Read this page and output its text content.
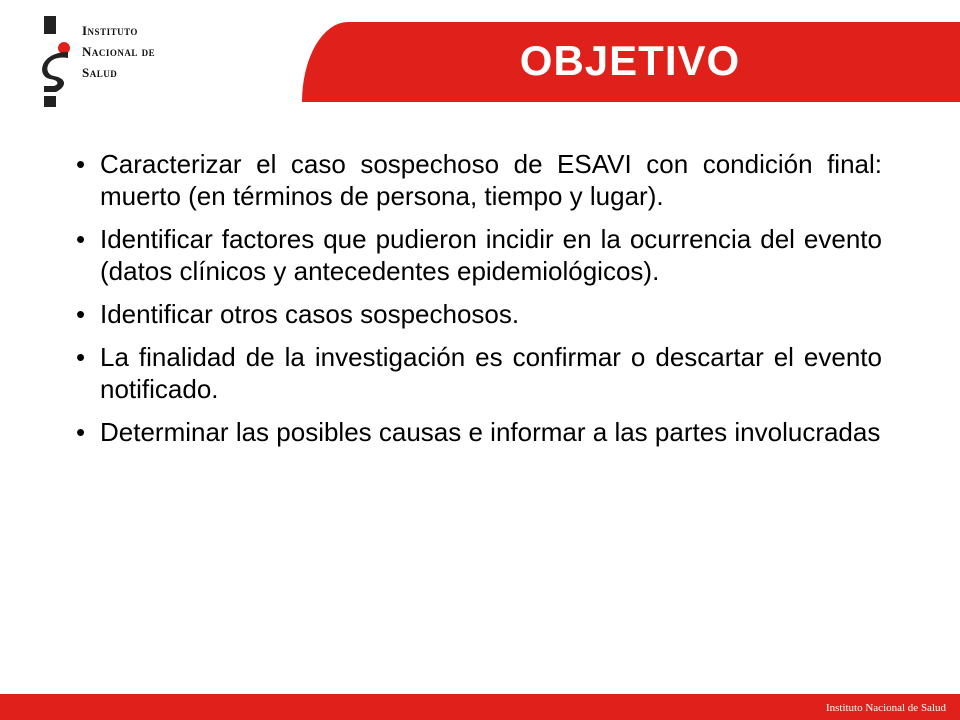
Instituto
Nacional de
Salud	OBJETIVO
• Caracterizar el caso sospechoso de ESAVI con condición final: muerto (en términos de persona, tiempo y lugar).
• Identificar factores que pudieron incidir en la ocurrencia del evento (datos clínicos y antecedentes epidemiológicos).
• Identificar otros casos sospechosos.
• La finalidad de la investigación es confirmar o descartar el evento notificado.
• Determinar las posibles causas e informar a las partes involucradas
Instituto Nacional de Salud
